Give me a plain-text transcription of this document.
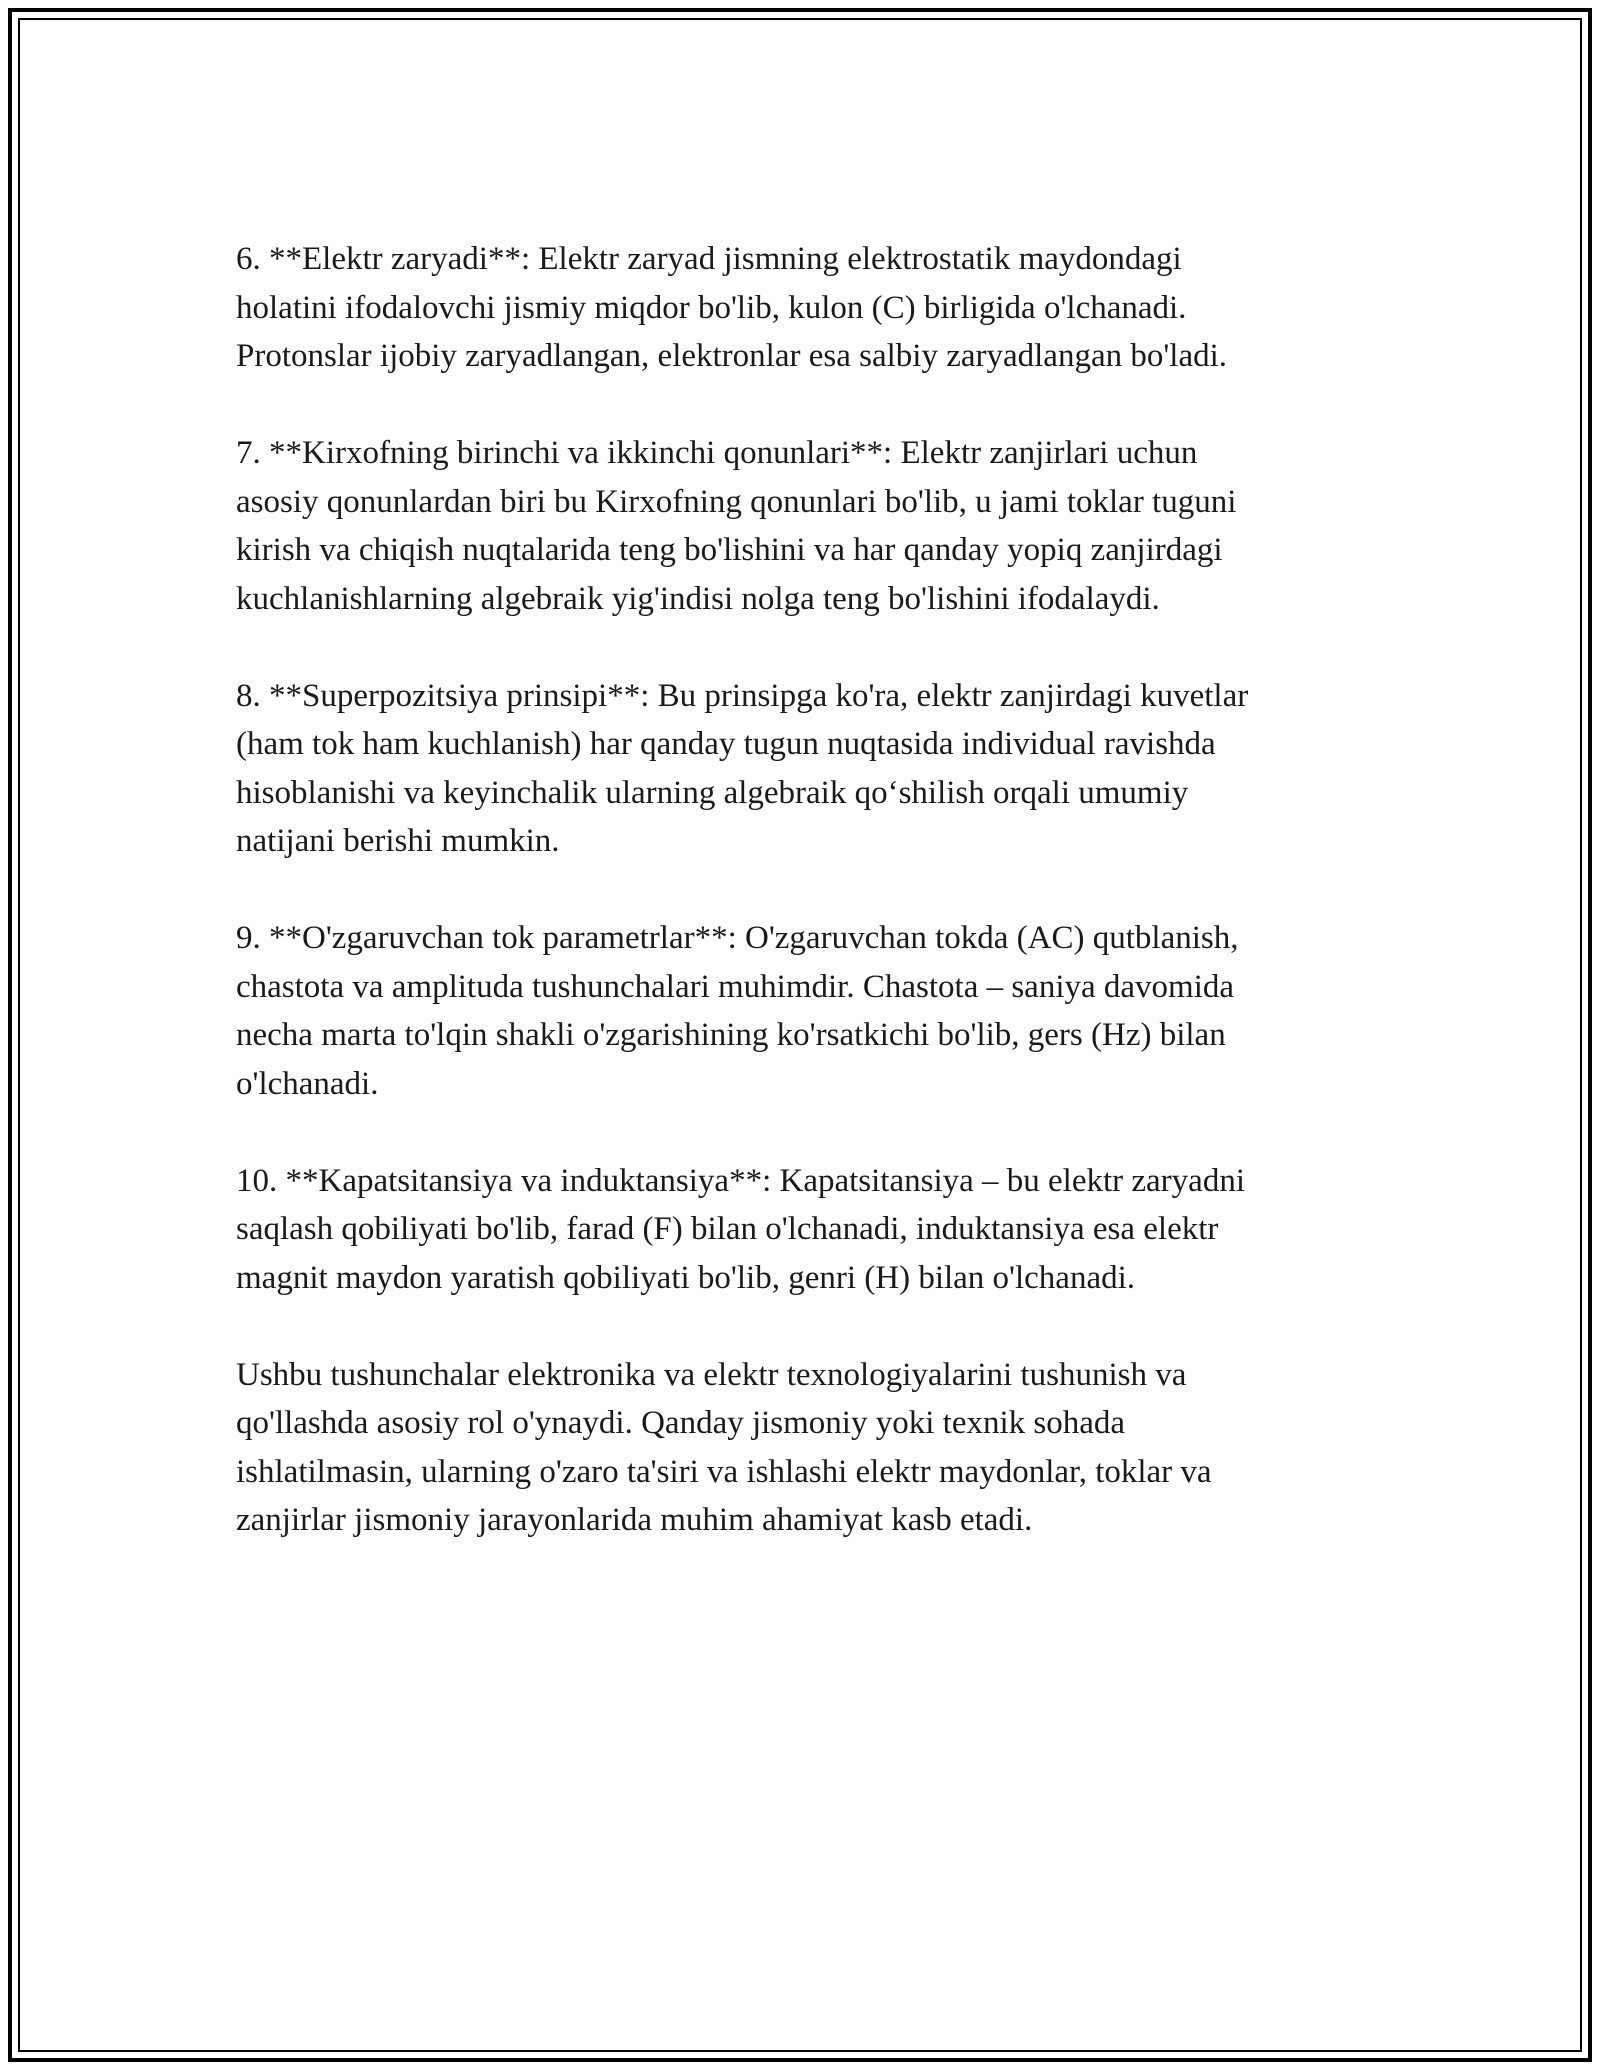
6. **Elektr zaryadi**: Elektr zaryad jismning elektrostatik maydondagi
holatini ifodalovchi jismiy miqdor bo'lib, kulon (C) birligida o'lchanadi.
Protonslar ijobiy zaryadlangan, elektronlar esa salbiy zaryadlangan bo'ladi.

7. **Kirxofning birinchi va ikkinchi qonunlari**: Elektr zanjirlari uchun
asosiy qonunlardan biri bu Kirxofning qonunlari bo'lib, u jami toklar tuguni
kirish va chiqish nuqtalarida teng bo'lishini va har qanday yopiq zanjirdagi
kuchlanishlarning algebraik yig'indisi nolga teng bo'lishini ifodalaydi.

8. **Superpozitsiya prinsipi**: Bu prinsipga ko'ra, elektr zanjirdagi kuvetlar
(ham tok ham kuchlanish) har qanday tugun nuqtasida individual ravishda
hisoblanishi va keyinchalik ularning algebraik qo‘shilish orqali umumiy
natijani berishi mumkin.

9. **O'zgaruvchan tok parametrlar**: O'zgaruvchan tokda (AC) qutblanish,
chastota va amplituda tushunchalari muhimdir. Chastota – saniya davomida
necha marta to'lqin shakli o'zgarishining ko'rsatkichi bo'lib, gers (Hz) bilan
o'lchanadi.

10. **Kapatsitansiya va induktansiya**: Kapatsitansiya – bu elektr zaryadni
saqlash qobiliyati bo'lib, farad (F) bilan o'lchanadi, induktansiya esa elektr
magnit maydon yaratish qobiliyati bo'lib, genri (H) bilan o'lchanadi.

Ushbu tushunchalar elektronika va elektr texnologiyalarini tushunish va
qo'llashda asosiy rol o'ynaydi. Qanday jismoniy yoki texnik sohada
ishlatilmasin, ularning o'zaro ta'siri va ishlashi elektr maydonlar, toklar va
zanjirlar jismoniy jarayonlarida muhim ahamiyat kasb etadi.
